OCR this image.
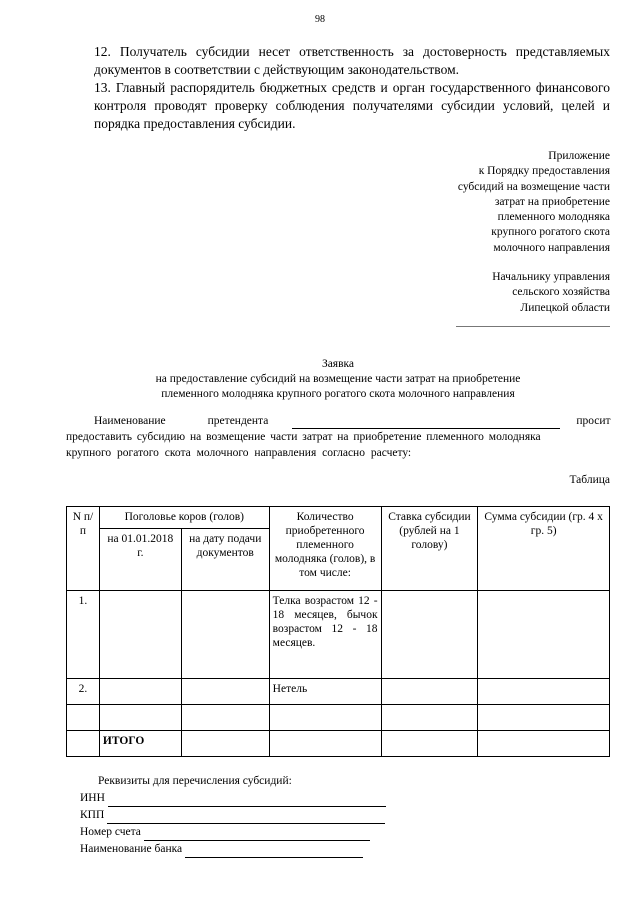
98
12. Получатель субсидии несет ответственность за достоверность представляемых документов в соответствии с действующим законодательством.
13. Главный распорядитель бюджетных средств и орган государственного финансового контроля проводят проверку соблюдения получателями субсидии условий, целей и порядка предоставления субсидии.
Приложение
к Порядку предоставления
субсидий на возмещение части
затрат на приобретение
племенного молодняка
крупного рогатого скота
молочного направления
Начальнику управления
сельского хозяйства
Липецкой области
Заявка
на предоставление субсидий на возмещение части затрат на приобретение
племенного молодняка крупного рогатого скота молочного направления
Наименование	претендента	просит
предоставить субсидию на возмещение части затрат на приобретение племенного молодняка
крупного рогатого скота молочного направления согласно расчету:
Таблица
N п/п	Поголовье коров (голов)		Количество приобретенного племенного молодняка (голов), в том числе:	Ставка субсидии (рублей на 1 голову)	Сумма субсидии (гр. 4 x гр. 5)
	на 01.01.2018 г.	на дату подачи документов			
1.			Телка возрастом 12 - 18 месяцев, бычок возрастом 12 - 18 месяцев.		
2.			Нетель		

	ИТОГО				
Реквизиты для перечисления субсидий:
ИНН
КПП
Номер счета
Наименование банка
